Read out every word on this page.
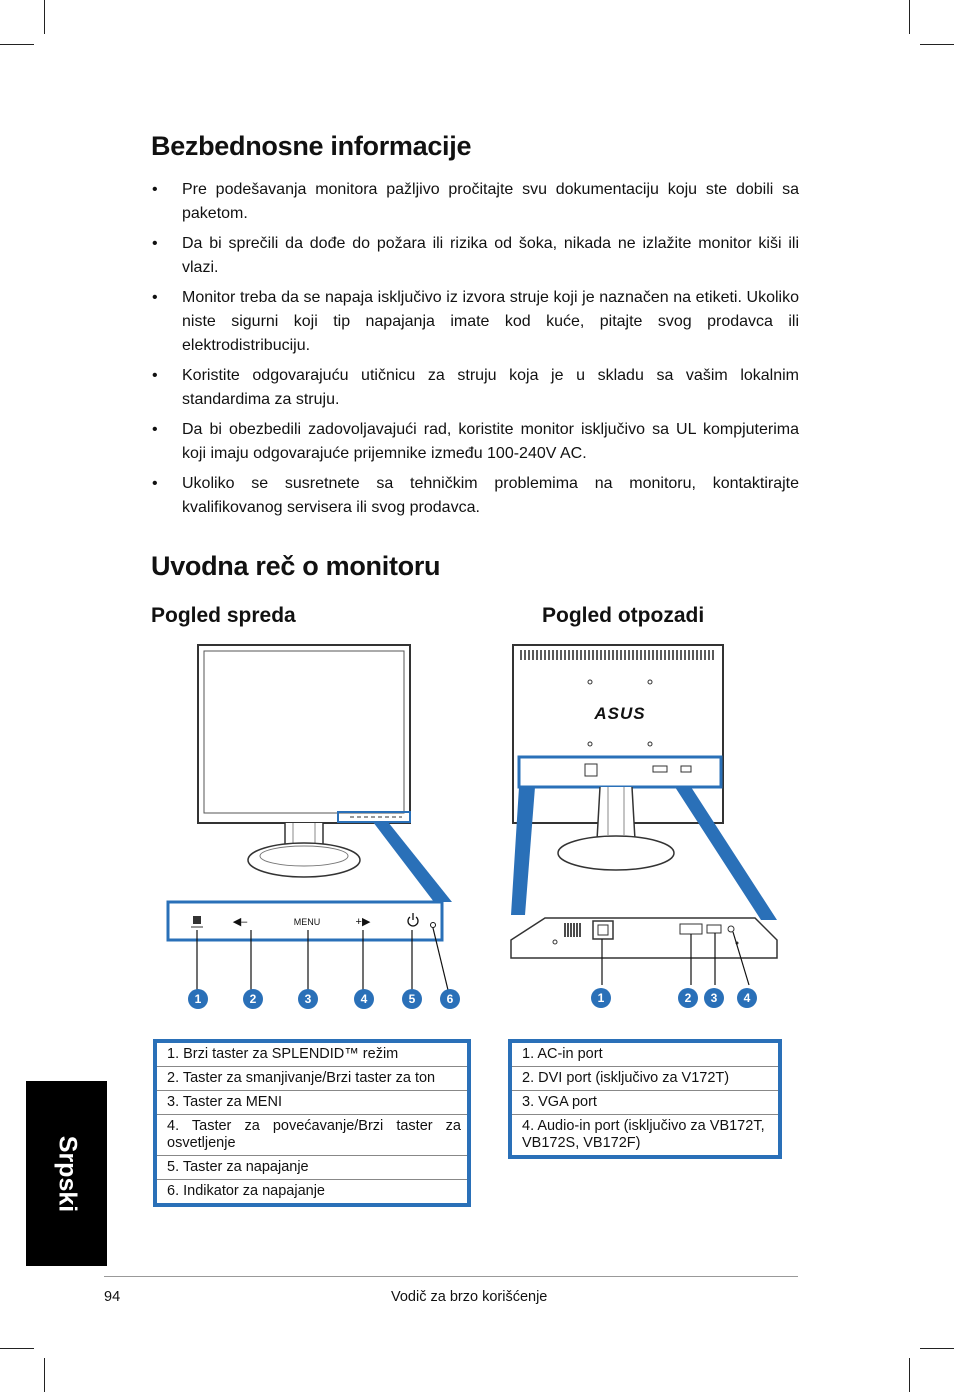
Bezbednosne informacije
• Pre podešavanja monitora pažljivo pročitajte svu dokumentaciju koju ste dobili sa paketom.
• Da bi sprečili da dođe do požara ili rizika od šoka, nikada ne izlažite monitor kiši ili vlazi.
• Monitor treba da se napaja isključivo iz izvora struje koji je naznačen na etiketi. Ukoliko niste sigurni koji tip napajanja imate kod kuće, pitajte svog prodavca ili elektrodistribuciju.
• Koristite odgovarajuću utičnicu za struju koja je u skladu sa vašim lokalnim standardima za struju.
• Da bi obezbedili zadovoljavajući rad, koristite monitor isključivo sa UL kompjuterima koji imaju odgovarajuće prijemnike između 100-240V AC.
• Ukoliko se susretnete sa tehničkim problemima na monitoru, kontaktirajte kvalifikovanog servisera ili svog prodavca.
Uvodna reč o monitoru
Pogled spreda	Pogled otpozadi
◀–	MENU	+▶
1	2	3	4	5	6
ASUS
1	2	3	4
1. Brzi taster za SPLENDID™ režim
2. Taster za smanjivanje/Brzi taster za ton
3. Taster za MENI
4. Taster za povećavanje/Brzi taster za osvetljenje
5. Taster za napajanje
6. Indikator za napajanje
1. AC-in port
2. DVI port (isključivo za V172T)
3. VGA port
4. Audio-in port (isključivo za VB172T, VB172S, VB172F)
Srpski
94	Vodič za brzo korišćenje
